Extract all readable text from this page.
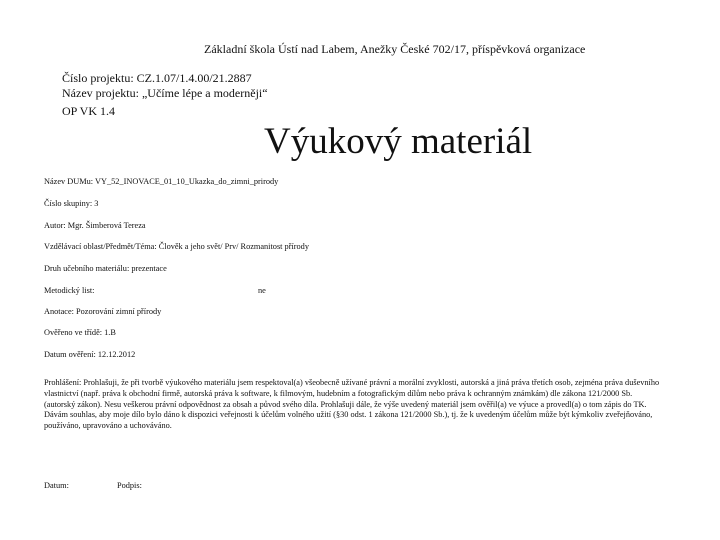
Základní škola Ústí nad Labem, Anežky České 702/17, příspěvková organizace
Číslo projektu: CZ.1.07/1.4.00/21.2887
Název projektu: „Učíme lépe a moderněji“
OP VK 1.4
Výukový materiál
Název DUMu: VY_52_INOVACE_01_10_Ukazka_do_zimni_prirody
Číslo skupiny: 3
Autor: Mgr. Šimberová Tereza
Vzdělávací oblast/Předmět/Téma: Člověk a jeho svět/ Prv/ Rozmanitost přírody
Druh učebního materiálu: prezentace
Metodický list:	ne
Anotace: Pozorování zimní přírody
Ověřeno ve třídě: 1.B
Datum ověření: 12.12.2012

Prohlášení: Prohlašuji, že při tvorbě výukového materiálu jsem respektoval(a) všeobecně užívané právní a morální zvyklosti, autorská a jiná práva třetích osob, zejména práva duševního vlastnictví (např. práva k obchodní firmě, autorská práva k software, k filmovým, hudebním a fotografickým dílům nebo práva k ochranným známkám) dle zákona 121/2000 Sb. (autorský zákon). Nesu veškerou právní odpovědnost za obsah a původ svého díla. Prohlašuji dále, že výše uvedený materiál jsem ověřil(a) ve výuce a provedl(a) o tom zápis do TK.

Dávám souhlas, aby moje dílo bylo dáno k dispozici veřejnosti k účelům volného užití (§30 odst. 1 zákona 121/2000 Sb.), tj. že k uvedeným účelům může být kýmkoliv zveřejňováno, používáno, upravováno a uchováváno.

Datum:	Podpis:
